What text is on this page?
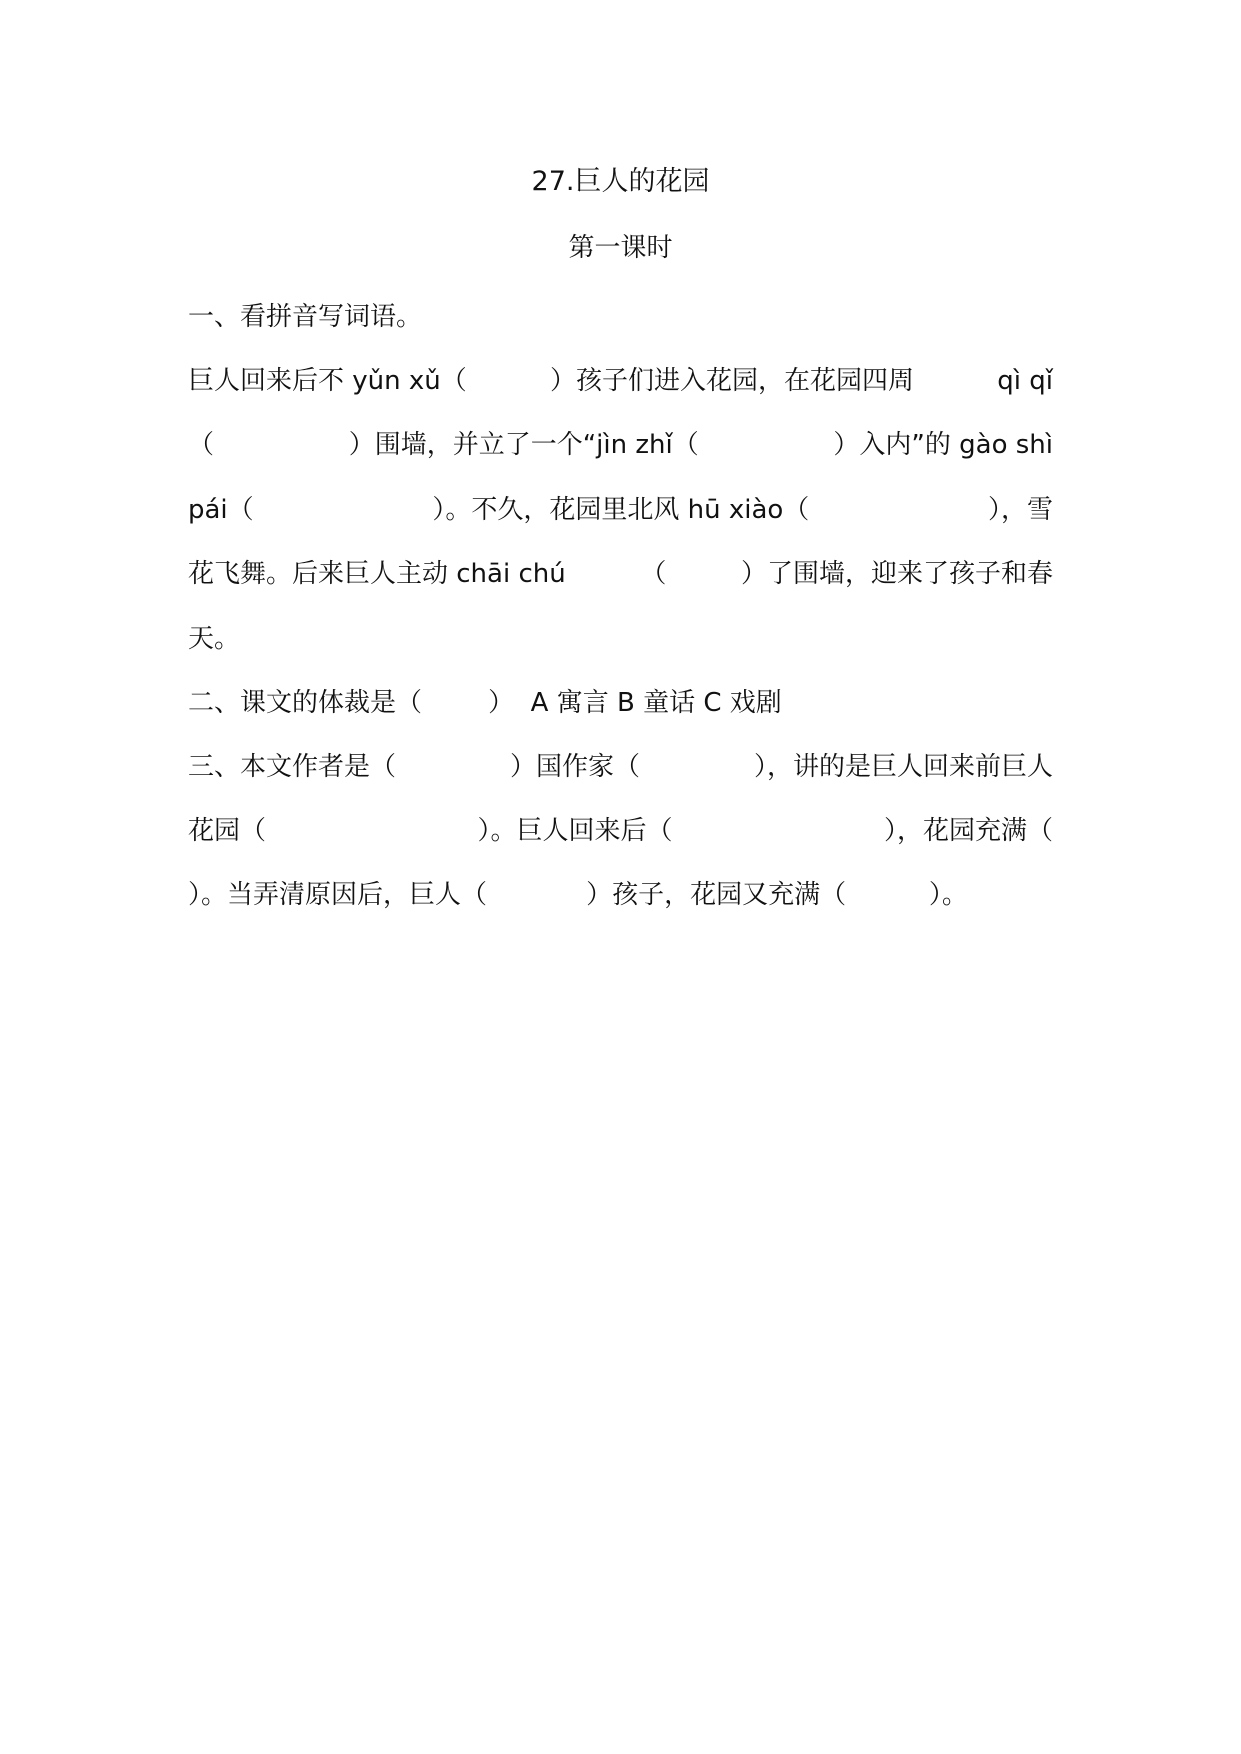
27.巨人的花园
第一课时
一、看拼音写词语。
巨人回来后不 yǔn xǔ（	）孩子们进入花园，在花园四周	qì qǐ
（	）围墙，并立了一个“jìn zhǐ（	）入内”的 gào shì
pái（	）。不久，花园里北风 hū xiào（	），雪
花飞舞。后来巨人主动 chāi chú	（	）了围墙，迎来了孩子和春
天。
二、课文的体裁是（        ）  A 寓言 B 童话 C 戏剧
三、本文作者是（	）国作家（	），讲的是巨人回来前巨人
花园（	）。巨人回来后（	），花园充满（
）。当弄清原因后，巨人（            ）孩子，花园又充满（          ）。
